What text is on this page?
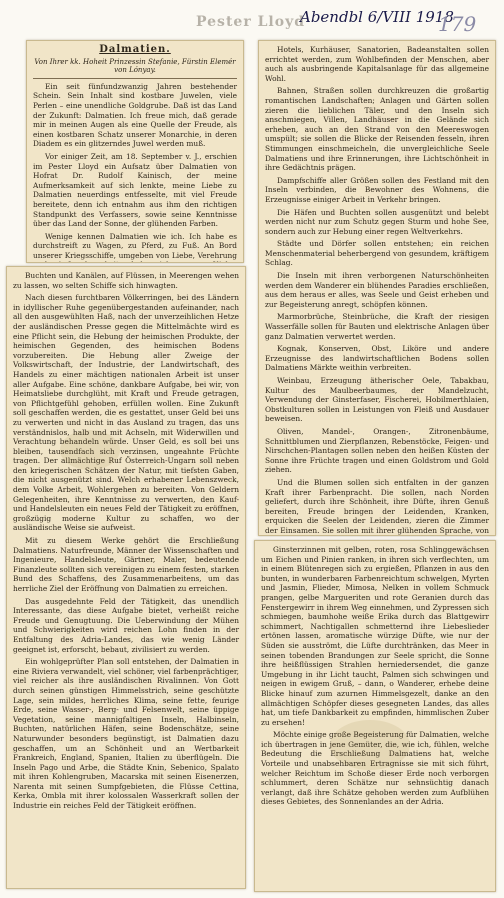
Pester Lloyd
Abendbl 6/VIII 1918
179

Dalmatien.

Von Ihrer kk. Hoheit Prinzessin Stefanie, Fürstin Elemér von Lónyay.

Ein seit fünfundzwanzig Jahren bestehender Schein. Sein Inhalt sind kostbare Juwelen, viele Perlen – eine unendliche Goldgrube. Daß ist das Land der Zukunft: Dalmatien. Ich freue mich, daß gerade mir in meinen Augen als eine Quelle der Freude, als einen kostbaren Schatz unserer Monarchie, in deren Diadem es ein glitzerndes Juwel werden muß.

Vor einiger Zeit, am 18. September v. J., erschien im Pester Lloyd ein Aufsatz über Dalmatien von Hofrat Dr. Rudolf Kainisch, der meine Aufmerksamkeit auf sich lenkte, meine Liebe zu Dalmatien neuerdings entfesselte, mit viel Freude bereitete, denn ich entnahm aus ihm den richtigen Standpunkt des Verfassers, sowie seine Kenntnisse über das Land der Sonne, der glühenden Farben.

Wenige kennen Dalmatien wie ich. Ich habe es durchstreift zu Wagen, zu Pferd, zu Fuß. An Bord unserer Kriegsschiffe, umgeben von Liebe, Verehrung

Buchten und Kanälen, auf Flüssen, in Meerengen wehen zu lassen, wo selten Schiffe sich hinwagten.

Nach diesen furchtbaren Völkerringen, bei des Ländern in idyllischer Ruhe gegenübergestanden aufeinander, nach all den ausgewühlten Haß, nach der unverzeihlichen Hetze der ausländischen Presse gegen die Mittelmächte wird es eine Pflicht sein, die Hebung der heimischen Produkte, der heimischen Gegenden, des heimischen Bodens vorzubereiten. Die Hebung aller Zweige der Volkswirtschaft, der Industrie, der Landwirtschaft, des Handels zu einer mächtigen nationalen Arbeit ist unser aller Aufgabe. Eine schöne, dankbare Aufgabe, bei wir, von Heimatsliebe durchglüht, mit Kraft und Freude getragen, von Pflichtgefühl gehoben, erfüllen wollen. Eine Zukunft soll geschaffen werden, die es gestattet, unser Geld bei uns zu verwerten und nicht in das Ausland zu tragen, das uns verständnislos, halb und mit Achseln, mit Widerwillen und Verachtung behandeln würde. Unser Geld, es soll bei uns bleiben, tausendfach sich verzinsen, ungeahnte Früchte tragen. Der allmächtige Ruf Österreich-Ungarn soll neben den kriegerischen Schätzen der Natur, mit tiefsten Gaben, die nicht ausgenützt sind. Welch erhabener Lebenszweck, dem Volke Arbeit, Wohlergehen zu bereiten. Von Geldern Gelegenheiten, ihre Kenntnisse zu verwerten, den Kauf- und Handelsleuten ein neues Feld der Tätigkeit zu eröffnen, großzügig moderne Kultur zu schaffen, wo der ausländische Weise sie aufweist.

Mit zu diesem Werke gehört die Erschließung Dalmatiens. Naturfreunde, Männer der Wissenschaften und Ingenieure, Handelsleute, Gärtner, Maler, bedeutende Finanzleute sollten sich vereinigen zu einem festen, starken Bund des Schaffens, des Zusammenarbeitens, um das herrliche Ziel der Eröffnung von Dalmatien zu erreichen.

Das ausgedehnte Feld der Tätigkeit, das unendlich Interessante, das diese Aufgabe bietet, verheißt reiche Freude und Genugtuung. Die Ueberwindung der Mühen und Schwierigkeiten wird reichen Lohn finden in der Entfaltung des Adria-Landes, das wie wenig Länder geeignet ist, erforscht, bebaut, zivilisiert zu werden.

Ein wohlgeprüfter Plan soll entstehen, der Dalmatien in eine Riviera verwandelt, viel schöner, viel farbenprächtiger, viel reicher als ihre ausländischen Rivalinnen. Von Gott durch seinen günstigen Himmelsstrich, seine geschützte Lage, sein mildes, herrliches Klima, seine fette, feurige Erde, seine Wasser-, Berg- und Felsenwelt, seine üppige Vegetation, seine mannigfaltigen Inseln, Halbinseln, Buchten, natürlichen Häfen, seine Bodenschätze, seine Naturwunder besonders begünstigt, ist Dalmatien dazu geschaffen, um an Schönheit und an Wertbarkeit Frankreich, England, Spanien, Italien zu überflügeln. Die Inseln Pago und Arbe, die Städte Knin, Sebenico, Spalato mit ihren Kohlengruben, Macarska mit seinen Eisenerzen, Narenta mit seinen Sumpfgebieten, die Flüsse Cettina, Kerka, Ombla mit ihrer kolossalen Wasserkraft sollen der Industrie ein reiches Feld der Tätigkeit eröffnen.

Hotels, Kurhäuser, Sanatorien, Badeanstalten sollen errichtet werden, zum Wohlbefinden der Menschen, aber auch als ausbringende Kapitalsanlage für das allgemeine Wohl.

Bahnen, Straßen sollen durchkreuzen die großartig romantischen Landschaften; Anlagen und Gärten sollen zieren die lieblichen Täler, und den Inseln sich anschmiegen, Villen, Landhäuser in die Gelände sich erheben, auch an den Strand von den Meereswogen umspült; sie sollen die Blicke der Reisenden fesseln, ihren Stimmungen einschmeicheln, die unvergleichliche Seele Dalmatiens und ihre Erinnerungen, ihre Lichtschönheit in ihre Gedächtnis prägen.

Dampfschiffe aller Größen sollen des Festland mit den Inseln verbinden, die Bewohner des Wohnens, die Erzeugnisse einiger Arbeit in Verkehr bringen.

Die Häfen und Buchten sollen ausgenützt und belebt werden nicht nur zum Schutz gegen Sturm und hohe See, sondern auch zur Hebung einer regen Weltverkehrs.

Städte und Dörfer sollen entstehen; ein reichen Menschenmaterial beherbergend von gesundem, kräftigem Schlag.

Die Inseln mit ihren verborgenen Naturschönheiten werden dem Wanderer ein blühendes Paradies erschließen, aus dem heraus er alles, was Seele und Geist erheben und zur Begeisterung anregt, schöpfen können.

Marmorbrüche, Steinbrüche, die Kraft der riesigen Wasserfälle sollen für Bauten und elektrische Anlagen über ganz Dalmatien verwertet werden.

Kognak, Konserven, Obst, Liköre und andere Erzeugnisse des landwirtschaftlichen Bodens sollen Dalmatiens Märkte weithin verbreiten.

Weinbau, Erzeugung ätherischer Oele, Tabakbau, Kultur des Maulbeerbaumes, der Mandelzucht, Verwendung der Ginsterfaser, Fischerei, Hobilmerthlaien, Obstkulturen sollen in Leistungen von Fleiß und Ausdauer beweisen.

Oliven, Mandel-, Orangen-, Zitronenbäume, Schnittblumen und Zierpflanzen, Rebenstöcke, Feigen- und Nirschchen-Plantagen sollen neben den heißen Küsten der Sonne ihre Früchte tragen und einen Goldstrom und Gold ziehen.

Und die Blumen sollen sich entfalten in der ganzen Kraft ihrer Farbenpracht. Die sollen, nach Norden geliefert, durch ihre Schönheit, ihre Düfte, ihren Genuß bereiten, Freude bringen der Leidenden, Kranken, erquicken die Seelen der Leidenden, zieren die Zimmer der Einsamen. Sie sollen mit ihrer glühenden Sprache, von

Ginsterzinnen mit gelben, roten, rosa Schlinggewächsen um Eichen und Pinien ranken, in ihren sich verflechten, um in einem Blütenregen sich zu ergießen, Pflanzen in aus den bunten, in wunderbaren Farbenreichtum schwelgen, Myrten und Jasmin, Flieder, Mimosa, Nelken in vollem Schmuck prangen, gelbe Margueriten und rote Geranien durch das Fenstergewirr in ihrem Weg einnehmen, und Zypressen sich schmiegen, baumhohe weiße Erika durch das Blattgewirr schimmert, Nachtigallen schmetternd ihre Liebeslieder ertönen lassen, aromatische würzige Düfte, wie nur der Süden sie ausströmt, die Lüfte durchtränken, das Meer in seinen tobenden Brandungen zur Seele spricht, die Sonne ihre heißflüssigen Strahlen herniedersendet, die ganze Umgebung in ihr Licht taucht, Palmen sich schwingen und neigen in ewigem Gruß, – dann, o Wanderer, erhebe deine Blicke hinauf zum azurnen Himmelsgezelt, danke an den allmächtigen Schöpfer dieses gesegneten Landes, das alles hat, um tiefe Dankbarkeit zu empfinden, himmlischen Zuber zu ersehen!

Möchte einige große Begeisterung für Dalmatien, welche ich übertragen in jene Gemüter, die, wie ich, fühlen, welche Bedeutung die Erschließung Dalmatiens hat, welche Vorteile und unabsehbaren Ertragnisse sie mit sich führt, welcher Reichtum im Schoße dieser Erde noch verborgen schlummert, deren Schätze nur sehnsüchtig danach verlangt, daß ihre Schätze gehoben werden zum Aufblühen dieses Gebietes, des Sonnenlandes an der Adria.
